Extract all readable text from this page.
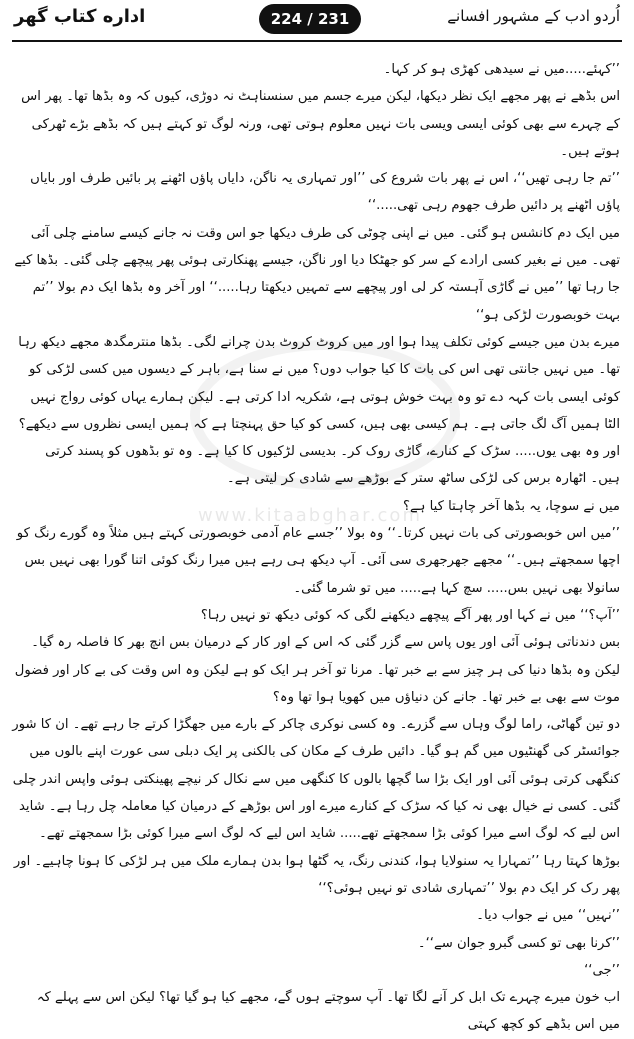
اداره کتاب گھر	224 / 231	اُردو ادب کے مشہور افسانے
www.kitaabghar.com

’’کہئے.....میں نے سیدھی کھڑی ہو کر کہا۔

اس بڈھے نے پھر مجھے ایک نظر دیکھا، لیکن میرے جسم میں سنسناہٹ نہ دوڑی، کیوں کہ وہ بڈھا تھا۔ پھر اس کے چہرے سے بھی کوئی ایسی ویسی بات نہیں معلوم ہوتی تھی، ورنہ لوگ تو کہتے ہیں کہ بڈھے بڑے ٹھرکی ہوتے ہیں۔

’’تم جا رہی تھیں‘‘، اس نے پھر بات شروع کی ’’اور تمہاری یہ ناگن، دایاں پاؤں اٹھنے پر بائیں طرف اور بایاں پاؤں اٹھنے پر دائیں طرف جھوم رہی تھی.....‘‘

میں ایک دم کانشس ہو گئی۔ میں نے اپنی چوٹی کی طرف دیکھا جو اس وقت نہ جانے کیسے سامنے چلی آئی تھی۔ میں نے بغیر کسی ارادے کے سر کو جھٹکا دیا اور ناگن، جیسے پھنکارتی ہوئی پھر پیچھے چلی گئی۔ بڈھا کیے جا رہا تھا ’’میں نے گاڑی آہستہ کر لی اور پیچھے سے تمہیں دیکھتا رہا.....‘‘ اور آخر وہ بڈھا ایک دم بولا ’’تم بہت خوبصورت لڑکی ہو‘‘

میرے بدن میں جیسے کوئی تکلف پیدا ہوا اور میں کروٹ کروٹ بدن چرانے لگی۔ بڈھا منترمگدھ مجھے دیکھ رہا تھا۔ میں نہیں جانتی تھی اس کی بات کا کیا جواب دوں؟ میں نے سنا ہے، باہر کے دیسوں میں کسی لڑکی کو کوئی ایسی بات کہہ دے تو وہ بہت خوش ہوتی ہے، شکریہ ادا کرتی ہے۔ لیکن ہمارے یہاں کوئی رواج نہیں الٹا ہمیں آگ لگ جاتی ہے۔ ہم کیسی بھی ہیں، کسی کو کیا حق پہنچتا ہے کہ ہمیں ایسی نظروں سے دیکھے؟ اور وہ بھی یوں..... سڑک کے کنارے، گاڑی روک کر۔ بدیسی لڑکیوں کا کیا ہے۔ وہ تو بڈھوں کو پسند کرتی ہیں۔ اٹھارہ برس کی لڑکی ساٹھ ستر کے بوڑھے سے شادی کر لیتی ہے۔

میں نے سوچا، یہ بڈھا آخر چاہتا کیا ہے؟

’’میں اس خوبصورتی کی بات نہیں کرتا۔‘‘ وہ بولا ’’جسے عام آدمی خوبصورتی کہتے ہیں مثلاً وہ گورے رنگ کو اچھا سمجھتے ہیں۔‘‘ مجھے جھرجھری سی آئی۔ آپ دیکھ ہی رہے ہیں میرا رنگ کوئی اتنا گورا بھی نہیں بس سانولا بھی نہیں بس..... سچ کہا ہے..... میں تو شرما گئی۔

’’آپ؟‘‘ میں نے کہا اور پھر آگے پیچھے دیکھنے لگی کہ کوئی دیکھ تو نہیں رہا؟

بس دندناتی ہوئی آئی اور یوں پاس سے گزر گئی کہ اس کے اور کار کے درمیان بس انچ بھر کا فاصلہ رہ گیا۔ لیکن وہ بڈھا دنیا کی ہر چیز سے بے خبر تھا۔ مرنا تو آخر ہر ایک کو ہے لیکن وہ اس وقت کی بے کار اور فضول موت سے بھی بے خبر تھا۔ جانے کن دنیاؤں میں کھویا ہوا تھا وہ؟

دو تین گھاٹی، راما لوگ وہاں سے گزرے۔ وہ کسی نوکری چاکر کے بارے میں جھگڑا کرتے جا رہے تھے۔ ان کا شور جوائسٹر کی گھنٹیوں میں گم ہو گیا۔ دائیں طرف کے مکان کی بالکنی پر ایک دبلی سی عورت اپنے بالوں میں کنگھی کرتی ہوئی آئی اور ایک بڑا سا گچھا بالوں کا کنگھی میں سے نکال کر نیچے پھینکتی ہوئی واپس اندر چلی گئی۔ کسی نے خیال بھی نہ کیا کہ سڑک کے کنارے میرے اور اس بوڑھے کے درمیان کیا معاملہ چل رہا ہے۔ شاید اس لیے کہ لوگ اسے میرا کوئی بڑا سمجھتے تھے..... شاید اس لیے کہ لوگ اسے میرا کوئی بڑا سمجھتے تھے۔ بوڑھا کہتا رہا ’’تمہارا یہ سنولایا ہوا، کندنی رنگ، یہ گٹھا ہوا بدن ہمارے ملک میں ہر لڑکی کا ہونا چاہیے۔ اور پھر رک کر ایک دم بولا ’’تمہاری شادی تو نہیں ہوئی؟‘‘

’’نہیں‘‘ میں نے جواب دیا۔

’’کرنا بھی تو کسی گبرو جوان سے‘‘۔

’’جی‘‘

اب خون میرے چہرے تک ابل کر آنے لگا تھا۔ آپ سوچتے ہوں گے، مجھے کیا ہو گیا تھا؟ لیکن اس سے پہلے کہ میں اس بڈھے کو کچھ کہتی
